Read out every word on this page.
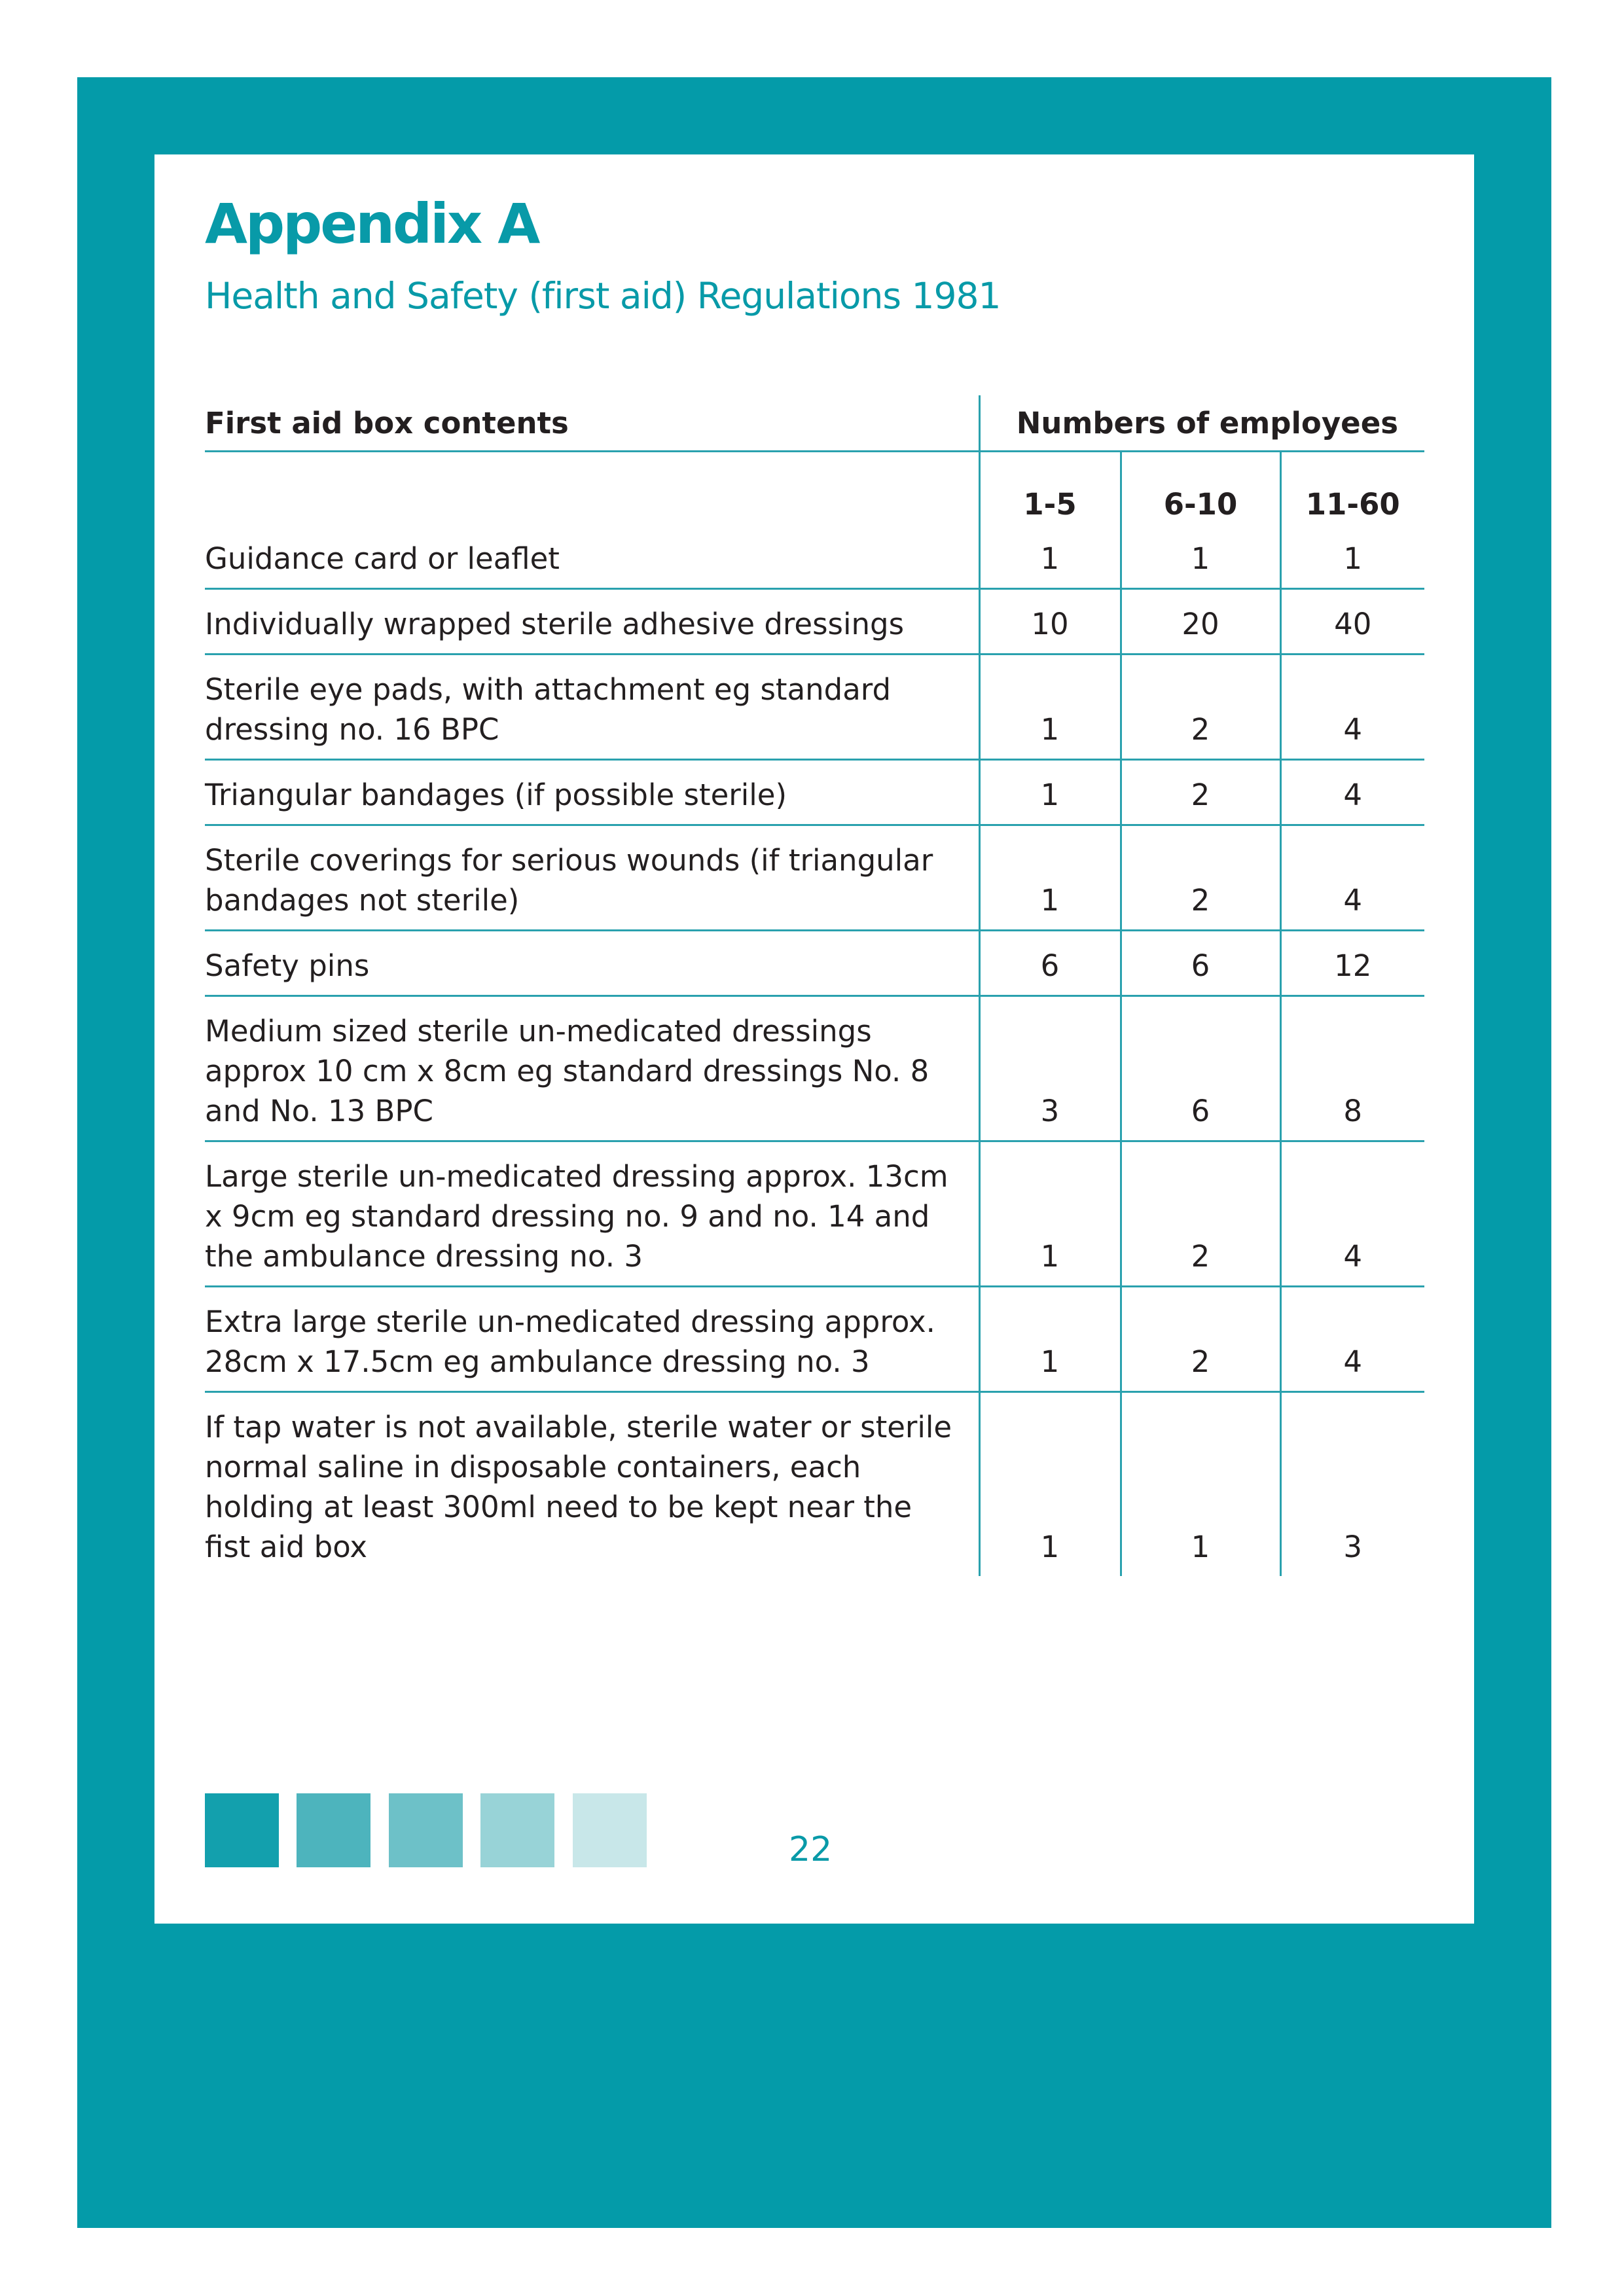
Appendix A
Health and Safety (first aid) Regulations 1981
First aid box contents	Numbers of employees		
	1-5	6-10	11-60
Guidance card or leaflet	1	1	1
Individually wrapped sterile adhesive dressings	10	20	40
Sterile eye pads, with attachment eg standard dressing no. 16 BPC	1	2	4
Triangular bandages (if possible sterile)	1	2	4
Sterile coverings for serious wounds (if triangular bandages not sterile)	1	2	4
Safety pins	6	6	12
Medium sized sterile un-medicated dressings approx 10 cm x 8cm eg standard dressings No. 8 and No. 13 BPC	3	6	8
Large sterile un-medicated dressing approx. 13cm x 9cm eg standard dressing no. 9 and no. 14 and the ambulance dressing no. 3	1	2	4
Extra large sterile un-medicated dressing approx. 28cm x 17.5cm eg ambulance dressing no. 3	1	2	4
If tap water is not available, sterile water or sterile normal saline in disposable containers, each holding at least 300ml need to be kept near the fist aid box	1	1	3
22
